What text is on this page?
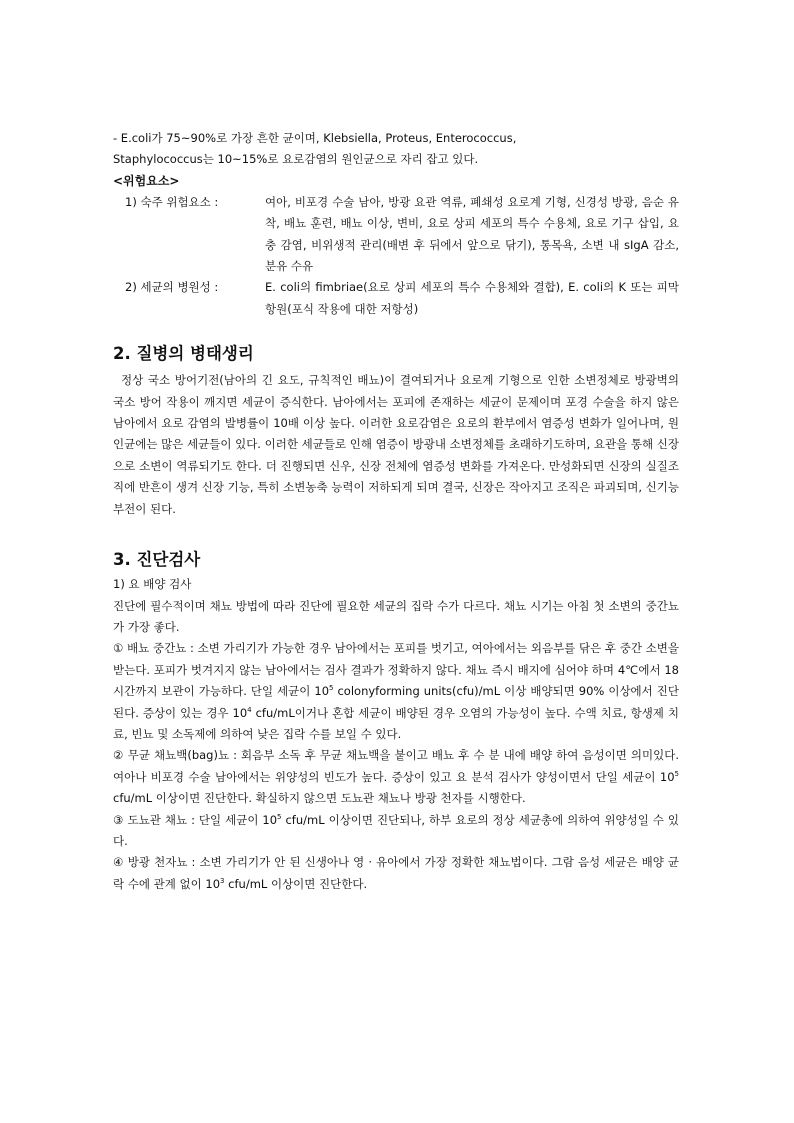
- E.coli가 75~90%로 가장 흔한 균이며, Klebsiella, Proteus, Enterococcus,
Staphylococcus는 10~15%로 요로감염의 원인균으로 자리 잡고 있다.

<위험요소>

1) 숙주 위험요소 :	여아, 비포경 수술 남아, 방광 요관 역류, 폐쇄성 요로계 기형, 신경성 방광, 음순 유착, 배뇨 훈련, 배뇨 이상, 변비, 요로 상피 세포의 특수 수용체, 요로 기구 삽입, 요충 감염, 비위생적 관리(배변 후 뒤에서 앞으로 닦기), 통목욕, 소변 내 sIgA 감소, 분유 수유
2) 세균의 병원성 :	E. coli의 fimbriae(요로 상피 세포의 특수 수용체와 결합), E. coli의 K 또는 피막 항원(포식 작용에 대한 저항성)
2. 질병의 병태생리

정상 국소 방어기전(남아의 긴 요도, 규칙적인 배뇨)이 결여되거나 요로계 기형으로 인한 소변정체로 방광벽의 국소 방어 작용이 깨지면 세균이 증식한다. 남아에서는 포피에 존재하는 세균이 문제이며 포경 수술을 하지 않은 남아에서 요로 감염의 발병률이 10배 이상 높다. 이러한 요로감염은 요로의 환부에서 염증성 변화가 일어나며, 원인균에는 많은 세균들이 있다. 이러한 세균들로 인해 염증이 방광내 소변정체를 초래하기도하며, 요관을 통해 신장으로 소변이 역류되기도 한다. 더 진행되면 신우, 신장 전체에 염증성 변화를 가져온다. 만성화되면 신장의 실질조직에 반흔이 생겨 신장 기능, 특히 소변농축 능력이 저하되게 되며 결국, 신장은 작아지고 조직은 파괴되며, 신기능부전이 된다.

3. 진단검사

1) 요 배양 검사

진단에 필수적이며 채뇨 방법에 따라 진단에 필요한 세균의 집락 수가 다르다. 채뇨 시기는 아침 첫 소변의 중간뇨가 가장 좋다.

① 배뇨 중간뇨 : 소변 가리기가 가능한 경우 남아에서는 포피를 벗기고, 여아에서는 외음부를 닦은 후 중간 소변을 받는다. 포피가 벗겨지지 않는 남아에서는 검사 결과가 정확하지 않다. 채뇨 즉시 배지에 심어야 하며 4℃에서 18시간까지 보관이 가능하다. 단일 세균이 $10^5$ colonyforming units(cfu)/mL 이상 배양되면 90% 이상에서 진단된다. 증상이 있는 경우 $10^4$ cfu/mL이거나 혼합 세균이 배양된 경우 오염의 가능성이 높다. 수액 치료, 항생제 치료, 빈뇨 및 소독제에 의하여 낮은 집락 수를 보일 수 있다.

② 무균 채뇨백(bag)뇨 : 회음부 소독 후 무균 채뇨백을 붙이고 배뇨 후 수 분 내에 배양 하여 음성이면 의미있다. 여아나 비포경 수술 남아에서는 위양성의 빈도가 높다. 증상이 있고 요 분석 검사가 양성이면서 단일 세균이 $10^5$ cfu/mL 이상이면 진단한다. 확실하지 않으면 도뇨관 채뇨나 방광 천자를 시행한다.

③ 도뇨관 채뇨 : 단일 세균이 $10^5$ cfu/mL 이상이면 진단되나, 하부 요로의 정상 세균총에 의하여 위양성일 수 있다.

④ 방광 천자뇨 : 소변 가리기가 안 된 신생아나 영 · 유아에서 가장 정확한 채뇨법이다. 그람 음성 세균은 배양 균락 수에 관계 없이 $10^3$ cfu/mL 이상이면 진단한다.
